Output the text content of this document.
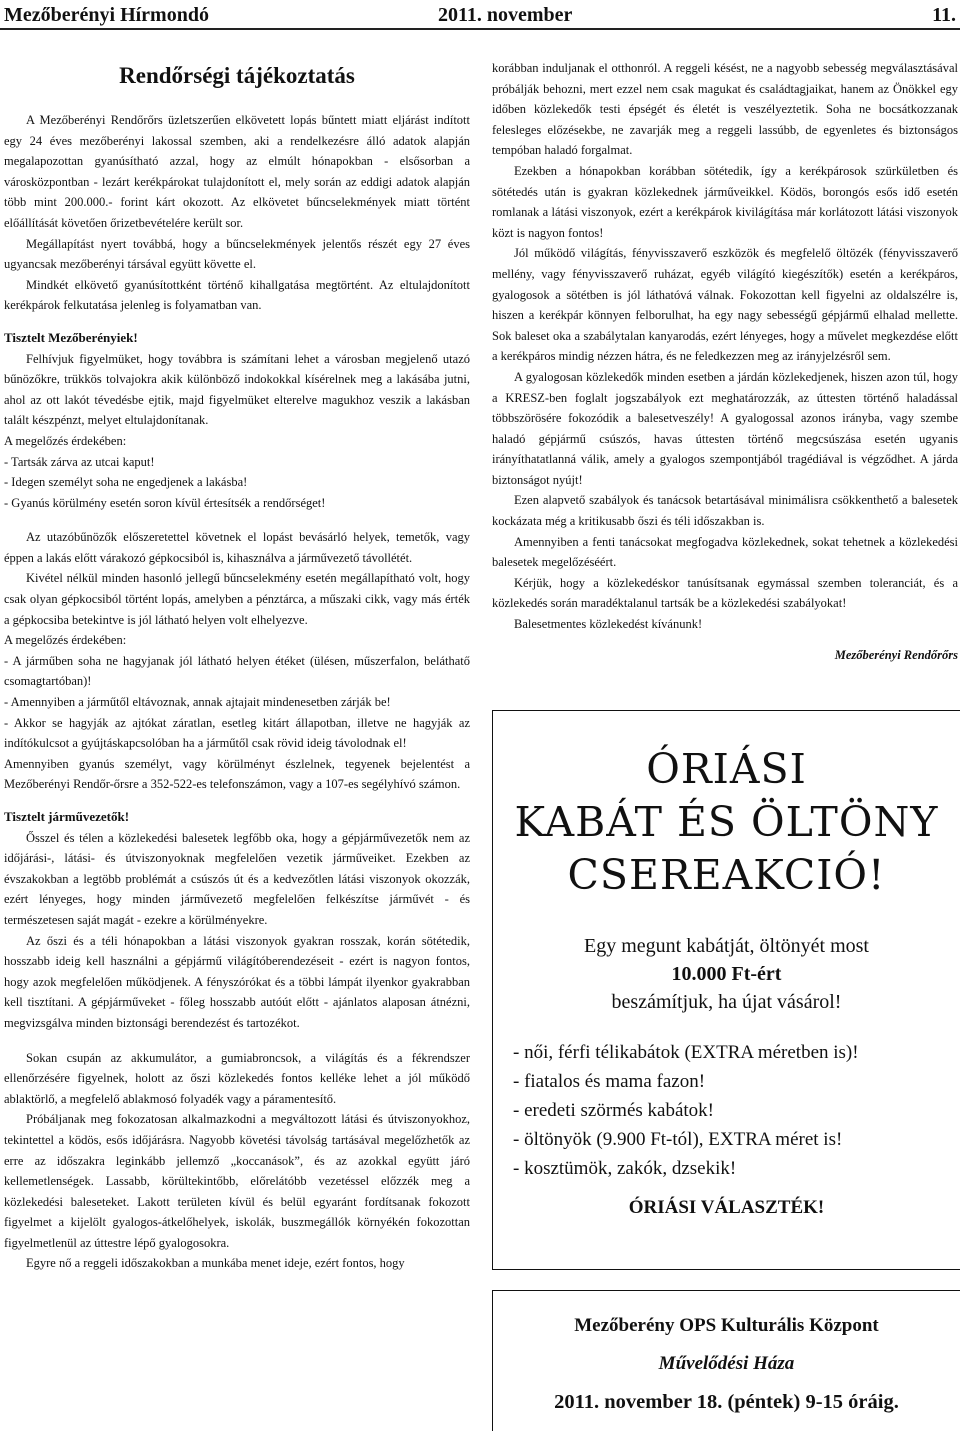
Mezőberényi Hírmondó	2011. november	11.
Rendőrségi tájékoztatás

A Mezőberényi Rendőrőrs üzletszerűen elkövetett lopás bűntett miatt eljárást indított egy 24 éves mezőberényi lakossal szemben, aki a rendelkezésre álló adatok alapján megalapozottan gyanúsítható azzal, hogy az elmúlt hónapokban - elsősorban a városközpontban - lezárt kerékpárokat tulajdonított el, mely során az eddigi adatok alapján több mint 200.000.- forint kárt okozott. Az elkövetet bűncselekmények miatt történt előállítását követően őrizetbevételére került sor.

Megállapítást nyert továbbá, hogy a bűncselekmények jelentős részét egy 27 éves ugyancsak mezőberényi társával együtt követte el.

Mindkét elkövető gyanúsítottként történő kihallgatása megtörtént. Az eltulajdonított kerékpárok felkutatása jelenleg is folyamatban van.

Tisztelt Mezőberényiek!

Felhívjuk figyelmüket, hogy továbbra is számítani lehet a városban megjelenő utazó bűnözőkre, trükkös tolvajokra akik különböző indokokkal kísérelnek meg a lakásába jutni, ahol az ott lakót tévedésbe ejtik, majd figyelmüket elterelve magukhoz veszik a lakásban talált készpénzt, melyet eltulajdonítanak.

A megelőzés érdekében:

- Tartsák zárva az utcai kaput!

- Idegen személyt soha ne engedjenek a lakásba!

- Gyanús körülmény esetén soron kívül értesítsék a rendőrséget!

Az utazóbűnözők előszeretettel követnek el lopást bevásárló helyek, temetők, vagy éppen a lakás előtt várakozó gépkocsiból is, kihasználva a járművezető távollétét.

Kivétel nélkül minden hasonló jellegű bűncselekmény esetén megállapítható volt, hogy csak olyan gépkocsiból történt lopás, amelyben a pénztárca, a műszaki cikk, vagy más érték a gépkocsiba betekintve is jól látható helyen volt elhelyezve.

A megelőzés érdekében:

- A járműben soha ne hagyjanak jól látható helyen étéket (ülésen, műszerfalon, beláthatő csomagtartóban)!

- Amennyiben a járműtől eltávoznak, annak ajtajait mindenesetben zárják be!

- Akkor se hagyják az ajtókat záratlan, esetleg kitárt állapotban, illetve ne hagyják az indítókulcsot a gyújtáskapcsolóban ha a járműtől csak rövid ideig távolodnak el!

Amennyiben gyanús személyt, vagy körülményt észlelnek, tegyenek bejelentést a Mezőberényi Rendőr-őrsre a 352-522-es telefonszámon, vagy a 107-es segélyhívó számon.

Tisztelt járművezetők!

Ősszel és télen a közlekedési balesetek legfőbb oka, hogy a gépjárművezetők nem az időjárási-, látási- és útviszonyoknak megfelelően vezetik járműveiket. Ezekben az évszakokban a legtöbb problémát a csúszós út és a kedvezőtlen látási viszonyok okozzák, ezért lényeges, hogy minden járművezető megfelelően felkészítse járművét - és természetesen saját magát - ezekre a körülményekre.

Az őszi és a téli hónapokban a látási viszonyok gyakran rosszak, korán sötétedik, hosszabb ideig kell használni a gépjármű világítóberendezéseit - ezért is nagyon fontos, hogy azok megfelelően működjenek. A fényszórókat és a többi lámpát ilyenkor gyakrabban kell tisztítani. A gépjárműveket - főleg hosszabb autóút előtt - ajánlatos alaposan átnézni, megvizsgálva minden biztonsági berendezést és tartozékot.

Sokan csupán az akkumulátor, a gumiabroncsok, a világítás és a fékrendszer ellenőrzésére figyelnek, holott az őszi közlekedés fontos kelléke lehet a jól működő ablaktörlő, a megfelelő ablakmosó folyadék vagy a páramentesítő.

Próbáljanak meg fokozatosan alkalmazkodni a megváltozott látási és útviszonyokhoz, tekintettel a ködös, esős időjárásra. Nagyobb követési távolság tartásával megelőzhetők az erre az időszakra leginkább jellemző „koccanások”, és az azokkal együtt járó kellemetlenségek. Lassabb, körültekintőbb, előrelátóbb vezetéssel előzzék meg a közlekedési baleseteket. Lakott területen kívül és belül egyaránt fordítsanak fokozott figyelmet a kijelölt gyalogos-átkelőhelyek, iskolák, buszmegállók környékén fokozottan figyelmetlenül az úttestre lépő gyalogosokra.

Egyre nő a reggeli időszakokban a munkába menet ideje, ezért fontos, hogy

korábban induljanak el otthonról. A reggeli késést, ne a nagyobb sebesség megválasztásával próbálják behozni, mert ezzel nem csak magukat és családtagjaikat, hanem az Önökkel egy időben közlekedők testi épségét és életét is veszélyeztetik. Soha ne bocsátkozzanak felesleges előzésekbe, ne zavarják meg a reggeli lassúbb, de egyenletes és biztonságos tempóban haladó forgalmat.

Ezekben a hónapokban korábban sötétedik, így a kerékpárosok szürkületben és sötétedés után is gyakran közlekednek járműveikkel. Ködös, borongós esős idő esetén romlanak a látási viszonyok, ezért a kerékpárok kivilágítása már korlátozott látási viszonyok közt is nagyon fontos!

Jól működő világítás, fényvisszaverő eszközök és megfelelő öltözék (fényvisszaverő mellény, vagy fényvisszaverő ruházat, egyéb világító kiegészítők) esetén a kerékpáros, gyalogosok a sötétben is jól láthatóvá válnak. Fokozottan kell figyelni az oldalszélre is, hiszen a kerékpár könnyen felborulhat, ha egy nagy sebességű gépjármű elhalad mellette. Sok baleset oka a szabálytalan kanyarodás, ezért lényeges, hogy a művelet megkezdése előtt a kerékpáros mindig nézzen hátra, és ne feledkezzen meg az irányjelzésről sem.

A gyalogosan közlekedők minden esetben a járdán közlekedjenek, hiszen azon túl, hogy a KRESZ-ben foglalt jogszabályok ezt meghatározzák, az úttesten történő haladással többszörösére fokozódik a balesetveszély! A gyalogossal azonos irányba, vagy szembe haladó gépjármű csúszós, havas úttesten történő megcsúszása esetén ugyanis irányíthatatlanná válik, amely a gyalogos szempontjából tragédiával is végződhet. A járda biztonságot nyújt!

Ezen alapvető szabályok és tanácsok betartásával minimálisra csökkenthető a balesetek kockázata még a kritikusabb őszi és téli időszakban is.

Amennyiben a fenti tanácsokat megfogadva közlekednek, sokat tehetnek a közlekedési balesetek megelőzéséért.

Kérjük, hogy a közlekedéskor tanúsítsanak egymással szemben toleranciát, és a közlekedés során maradéktalanul tartsák be a közlekedési szabályokat!

Balesetmentes közlekedést kívánunk!

Mezőberényi Rendőrőrs
ÓRIÁSI
KABÁT ÉS ÖLTÖNY
CSEREAKCIÓ!
Egy megunt kabátját, öltönyét most
10.000 Ft-ért
beszámítjuk, ha újat vásárol!
- női, férfi télikabátok (EXTRA méretben is)!
- fiatalos és mama fazon!
- eredeti szörmés kabátok!
- öltönyök (9.900 Ft-tól), EXTRA méret is!
- kosztümök, zakók, dzsekik!
ÓRIÁSI VÁLASZTÉK!
Mezőberény OPS Kulturális Központ
Művelődési Háza
2011. november 18. (péntek) 9-15 óráig.
